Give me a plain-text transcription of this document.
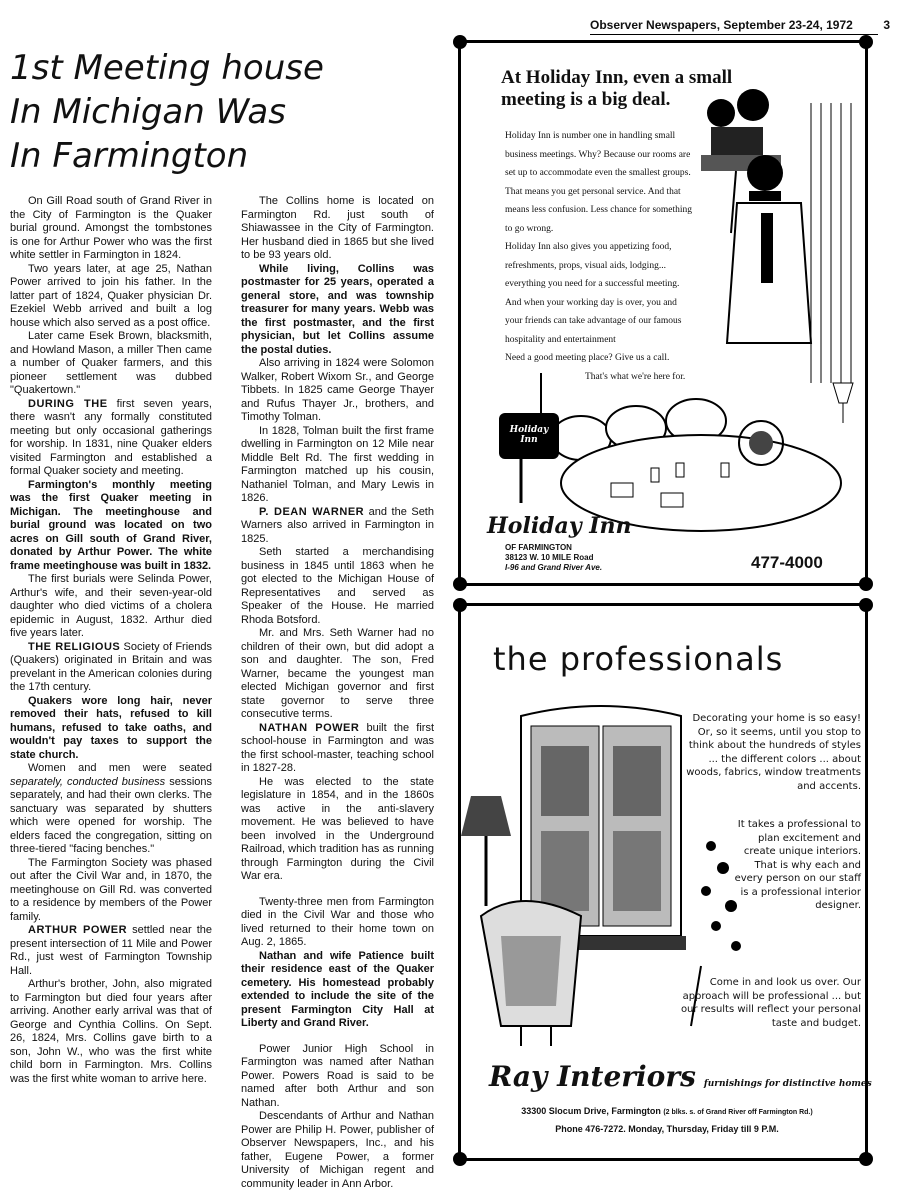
Observer Newspapers, September 23-24, 1972	3
1st Meeting house
In Michigan Was
In Farmington

On Gill Road south of Grand River in the City of Farmington is the Quaker burial ground. Amongst the tombstones is one for Arthur Power who was the first white settler in Farmington in 1824.

Two years later, at age 25, Nathan Power arrived to join his father. In the latter part of 1824, Quaker physician Dr. Ezekiel Webb arrived and built a log house which also served as a post office.

Later came Esek Brown, blacksmith, and Howland Mason, a miller Then came a number of Quaker farmers, and this pioneer settlement was dubbed "Quakertown."

DURING THE first seven years, there wasn't any formally constituted meeting but only occasional gatherings for worship. In 1831, nine Quaker elders visited Farmington and established a formal Quaker society and meeting.

Farmington's monthly meeting was the first Quaker meeting in Michigan. The meetinghouse and burial ground was located on two acres on Gill south of Grand River, donated by Arthur Power. The white frame meetinghouse was built in 1832.

The first burials were Selinda Power, Arthur's wife, and their seven-year-old daughter who died victims of a cholera epidemic in August, 1832. Arthur died five years later.

THE RELIGIOUS Society of Friends (Quakers) originated in Britain and was prevelant in the American colonies during the 17th century.

Quakers wore long hair, never removed their hats, refused to kill humans, refused to take oaths, and wouldn't pay taxes to support the state church.

Women and men were seated separately, conducted business sessions separately, and had their own clerks. The sanctuary was separated by shutters which were opened for worship. The elders faced the congregation, sitting on three-tiered "facing benches."

The Farmington Society was phased out after the Civil War and, in 1870, the meetinghouse on Gill Rd. was converted to a residence by members of the Power family.

ARTHUR POWER settled near the present intersection of 11 Mile and Power Rd., just west of Farmington Township Hall.

Arthur's brother, John, also migrated to Farmington but died four years after arriving. Another early arrival was that of George and Cynthia Collins. On Sept. 26, 1824, Mrs. Collins gave birth to a son, John W., who was the first white child born in Farmington. Mrs. Collins was the first white woman to arrive here.

The Collins home is located on Farmington Rd. just south of Shiawassee in the City of Farmington. Her husband died in 1865 but she lived to be 93 years old.

While living, Collins was postmaster for 25 years, operated a general store, and was township treasurer for many years. Webb was the first postmaster, and the first physician, but let Collins assume the postal duties.

Also arriving in 1824 were Solomon Walker, Robert Wixom Sr., and George Tibbets. In 1825 came George Thayer and Rufus Thayer Jr., brothers, and Timothy Tolman.

In 1828, Tolman built the first frame dwelling in Farmington on 12 Mile near Middle Belt Rd. The first wedding in Farmington matched up his cousin, Nathaniel Tolman, and Mary Lewis in 1826.

P. DEAN WARNER and the Seth Warners also arrived in Farmington in 1825.

Seth started a merchandising business in 1845 until 1863 when he got elected to the Michigan House of Representatives and served as Speaker of the House. He married Rhoda Botsford.

Mr. and Mrs. Seth Warner had no children of their own, but did adopt a son and daughter. The son, Fred Warner, became the youngest man elected Michigan governor and first state governor to serve three consecutive terms.

NATHAN POWER built the first school-house in Farmington and was the first school-master, teaching school in 1827-28.

He was elected to the state legislature in 1854, and in the 1860s was active in the anti-slavery movement. He was believed to have been involved in the Underground Railroad, which tradition has as running through Farmington during the Civil War era.

Twenty-three men from Farmington died in the Civil War and those who lived returned to their home town on Aug. 2, 1865.

Nathan and wife Patience built their residence east of the Quaker cemetery. His homestead probably extended to include the site of the present Farmington City Hall at Liberty and Grand River.

Power Junior High School in Farmington was named after Nathan Power. Powers Road is said to be named after both Arthur and son Nathan.

Descendants of Arthur and Nathan Power are Philip H. Power, publisher of Observer Newspapers, Inc., and his father, Eugene Power, a former University of Michigan regent and community leader in Ann Arbor.

At Holiday Inn, even a small meeting is a big deal.

Holiday Inn is number one in handling small business meetings. Why? Because our rooms are set up to accommodate even the smallest groups. That means you get personal service. And that means less confusion. Less chance for something to go wrong.

Holiday Inn also gives you appetizing food, refreshments, props, visual aids, lodging... everything you need for a successful meeting.

And when your working day is over, you and your friends can take advantage of our famous hospitality and entertainment

Need a good meeting place? Give us a call.

That's what we're here for.

Holiday Inn
Holiday Inn
OF FARMINGTON
38123 W. 10 MILE Road
I-96 and Grand River Ave.	477-4000
the professionals
Decorating your home is so easy! Or, so it seems, until you stop to think about the hundreds of styles ... the different colors ... about woods, fabrics, window treatments and accents.
It takes a professional to plan excitement and create unique interiors. That is why each and every person on our staff is a professional interior designer.
Come in and look us over. Our approach will be professional ... but our results will reflect your personal taste and budget.
Ray Interiors furnishings for distinctive homes
33300 Slocum Drive, Farmington (2 blks. s. of Grand River off Farmington Rd.)
Phone 476-7272. Monday, Thursday, Friday till 9 P.M.
